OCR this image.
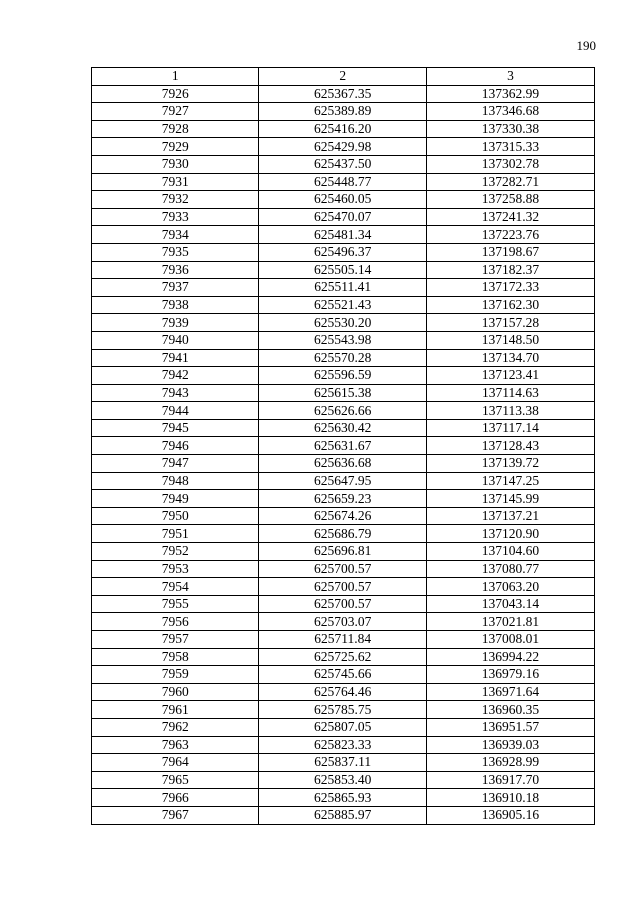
190
1	2	3
7926	625367.35	137362.99
7927	625389.89	137346.68
7928	625416.20	137330.38
7929	625429.98	137315.33
7930	625437.50	137302.78
7931	625448.77	137282.71
7932	625460.05	137258.88
7933	625470.07	137241.32
7934	625481.34	137223.76
7935	625496.37	137198.67
7936	625505.14	137182.37
7937	625511.41	137172.33
7938	625521.43	137162.30
7939	625530.20	137157.28
7940	625543.98	137148.50
7941	625570.28	137134.70
7942	625596.59	137123.41
7943	625615.38	137114.63
7944	625626.66	137113.38
7945	625630.42	137117.14
7946	625631.67	137128.43
7947	625636.68	137139.72
7948	625647.95	137147.25
7949	625659.23	137145.99
7950	625674.26	137137.21
7951	625686.79	137120.90
7952	625696.81	137104.60
7953	625700.57	137080.77
7954	625700.57	137063.20
7955	625700.57	137043.14
7956	625703.07	137021.81
7957	625711.84	137008.01
7958	625725.62	136994.22
7959	625745.66	136979.16
7960	625764.46	136971.64
7961	625785.75	136960.35
7962	625807.05	136951.57
7963	625823.33	136939.03
7964	625837.11	136928.99
7965	625853.40	136917.70
7966	625865.93	136910.18
7967	625885.97	136905.16
